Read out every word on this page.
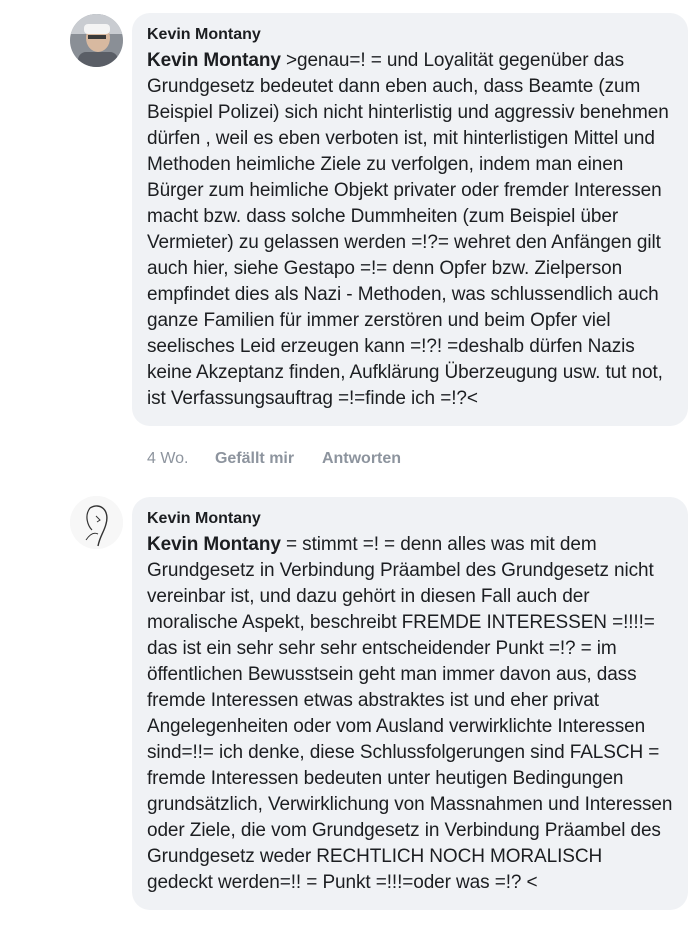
Kevin Montany
Kevin Montany >genau=! = und Loyalität gegenüber das Grundgesetz bedeutet dann eben auch, dass Beamte (zum Beispiel Polizei) sich nicht hinterlistig und aggressiv benehmen dürfen , weil es eben verboten ist, mit hinterlistigen Mittel und Methoden heimliche Ziele zu verfolgen, indem man einen Bürger zum heimliche Objekt privater oder fremder Interessen macht bzw. dass solche Dummheiten (zum Beispiel über Vermieter) zu gelassen werden =!?= wehret den Anfängen gilt auch hier, siehe Gestapo =!= denn Opfer bzw. Zielperson empfindet dies als Nazi - Methoden, was schlussendlich auch ganze Familien für immer zerstören und beim Opfer viel seelisches Leid erzeugen kann =!?! =deshalb dürfen Nazis keine Akzeptanz finden, Aufklärung Überzeugung usw. tut not, ist Verfassungsauftrag =!=finde ich =!?<
4 Wo. Gefällt mir Antworten
Kevin Montany
Kevin Montany = stimmt =! = denn alles was mit dem Grundgesetz in Verbindung Präambel des Grundgesetz nicht vereinbar ist, und dazu gehört in diesen Fall auch der moralische Aspekt, beschreibt FREMDE INTERESSEN =!!!!= das ist ein sehr sehr sehr entscheidender Punkt =!? = im öffentlichen Bewusstsein geht man immer davon aus, dass fremde Interessen etwas abstraktes ist und eher privat Angelegenheiten oder vom Ausland verwirklichte Interessen sind=!!= ich denke, diese Schlussfolgerungen sind FALSCH = fremde Interessen bedeuten unter heutigen Bedingungen grundsätzlich, Verwirklichung von Massnahmen und Interessen oder Ziele, die vom Grundgesetz in Verbindung Präambel des Grundgesetz weder RECHTLICH NOCH MORALISCH gedeckt werden=!! = Punkt =!!!=oder was =!? <
